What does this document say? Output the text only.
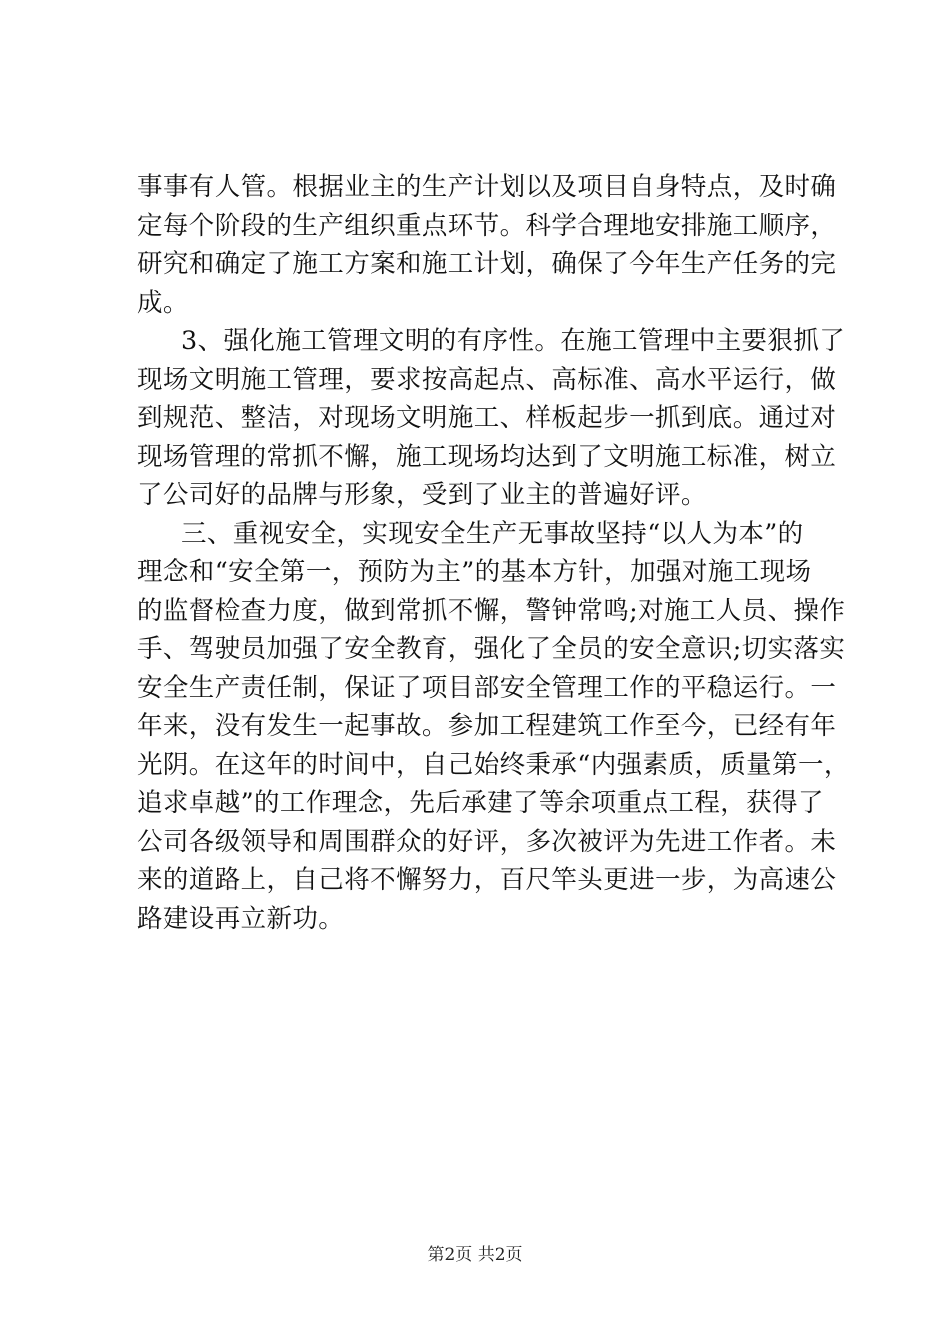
事事有人管。根据业主的生产计划以及项目自身特点，及时确
定每个阶段的生产组织重点环节。科学合理地安排施工顺序，
研究和确定了施工方案和施工计划，确保了今年生产任务的完
成。
3、强化施工管理文明的有序性。在施工管理中主要狠抓了
现场文明施工管理，要求按高起点、高标准、高水平运行，做
到规范、整洁，对现场文明施工、样板起步一抓到底。通过对
现场管理的常抓不懈，施工现场均达到了文明施工标准，树立
了公司好的品牌与形象，受到了业主的普遍好评。
三、重视安全，实现安全生产无事故坚持“以人为本”的
理念和“安全第一，预防为主”的基本方针，加强对施工现场
的监督检查力度，做到常抓不懈，警钟常鸣;对施工人员、操作
手、驾驶员加强了安全教育，强化了全员的安全意识;切实落实
安全生产责任制，保证了项目部安全管理工作的平稳运行。一
年来，没有发生一起事故。参加工程建筑工作至今，已经有年
光阴。在这年的时间中，自己始终秉承“内强素质，质量第一，
追求卓越”的工作理念，先后承建了等余项重点工程，获得了
公司各级领导和周围群众的好评，多次被评为先进工作者。未
来的道路上，自己将不懈努力，百尺竿头更进一步，为高速公
路建设再立新功。
第2页 共2页
